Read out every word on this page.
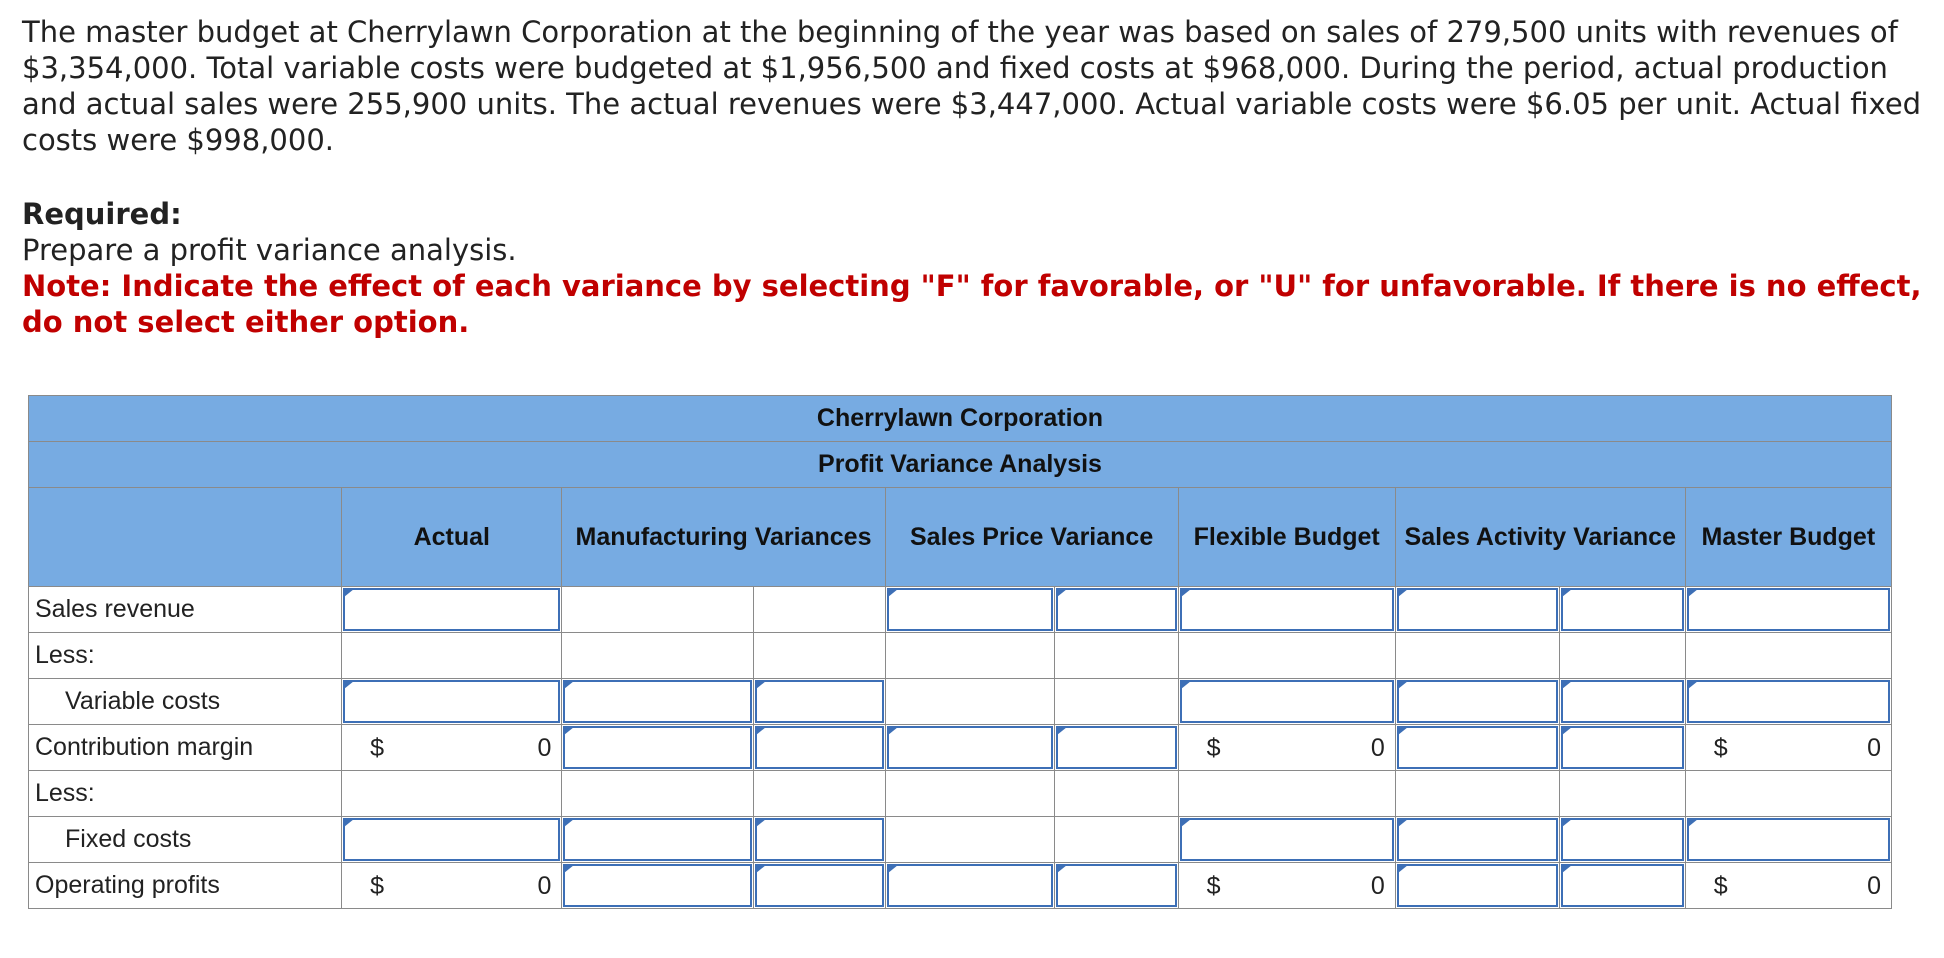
The master budget at Cherrylawn Corporation at the beginning of the year was based on sales of 279,500 units with revenues of $3,354,000. Total variable costs were budgeted at $1,956,500 and fixed costs at $968,000. During the period, actual production and actual sales were 255,900 units. The actual revenues were $3,447,000. Actual variable costs were $6.05 per unit. Actual fixed costs were $998,000.
Required:
Prepare a profit variance analysis.
Note: Indicate the effect of each variance by selecting "F" for favorable, or "U" for unfavorable. If there is no effect, do not select either option.
Cherrylawn Corporation									
Profit Variance Analysis									
	Actual	Manufacturing Variances		Sales Price Variance		Flexible Budget	Sales Activity Variance		Master Budget
Sales revenue	

Less:									
Variable costs	

Contribution margin	$ 0					$ 0			$ 0

Less:									
Fixed costs	

Operating profits	$ 0					$ 0			$ 0
